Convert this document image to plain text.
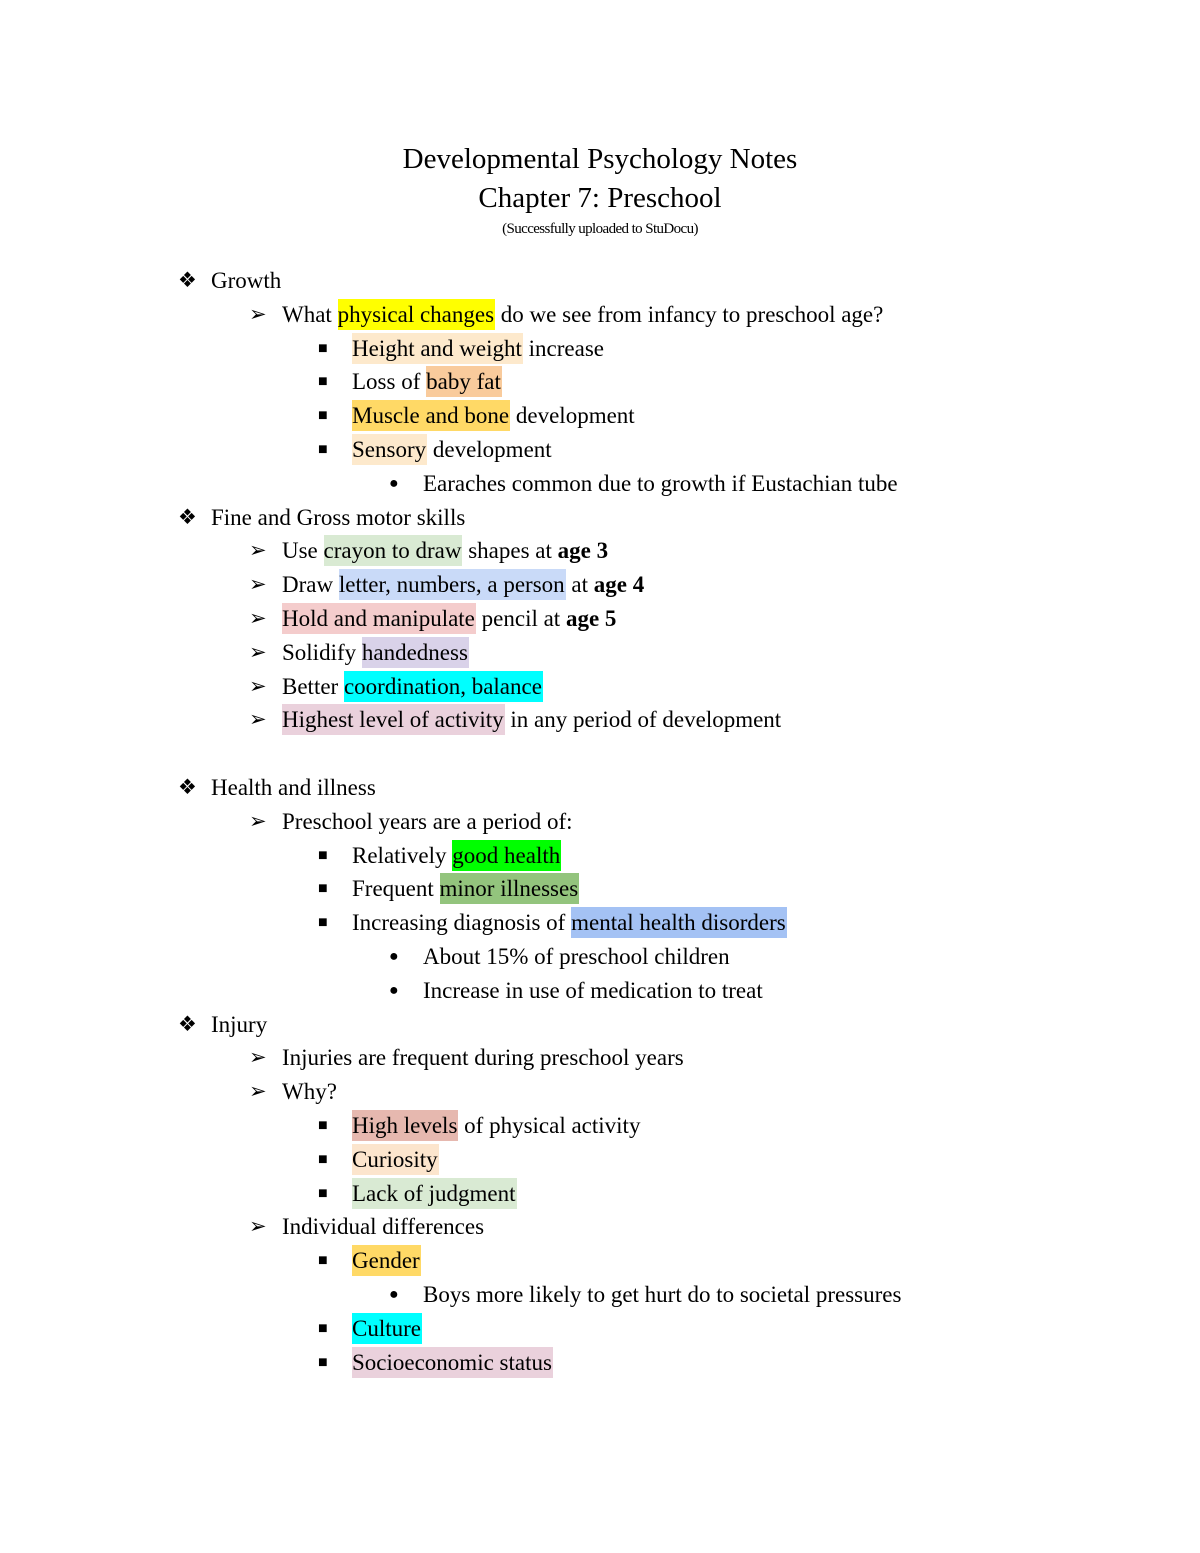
Developmental Psychology Notes
Chapter 7: Preschool
(Successfully uploaded to StuDocu)
❖ Growth
➢ What physical changes do we see from infancy to preschool age?
■ Height and weight increase
■ Loss of baby fat
■ Muscle and bone development
■ Sensory development
● Earaches common due to growth if Eustachian tube
❖ Fine and Gross motor skills
➢ Use crayon to draw shapes at age 3
➢ Draw letter, numbers, a person at age 4
➢ Hold and manipulate pencil at age 5
➢ Solidify handedness
➢ Better coordination, balance
➢ Highest level of activity in any period of development
❖ Health and illness
➢ Preschool years are a period of:
■ Relatively good health
■ Frequent minor illnesses
■ Increasing diagnosis of mental health disorders
● About 15% of preschool children
● Increase in use of medication to treat
❖ Injury
➢ Injuries are frequent during preschool years
➢ Why?
■ High levels of physical activity
■ Curiosity
■ Lack of judgment
➢ Individual differences
■ Gender
● Boys more likely to get hurt do to societal pressures
■ Culture
■ Socioeconomic status
